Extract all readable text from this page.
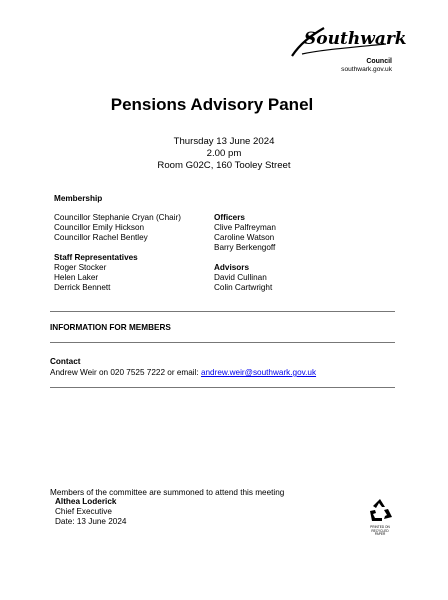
Southwark
Council
southwark.gov.uk
Pensions Advisory Panel
Thursday 13 June 2024
2.00 pm
Room G02C, 160 Tooley Street
Membership
Councillor Stephanie Cryan (Chair)
Councillor Emily Hickson
Councillor Rachel Bentley
Staff Representatives
Roger Stocker
Helen Laker
Derrick Bennett
Officers
Clive Palfreyman
Caroline Watson
Barry Berkengoff
Advisors
David Cullinan
Colin Cartwright
INFORMATION FOR MEMBERS
Contact
Andrew Weir on 020 7525 7222 or email: andrew.weir@southwark.gov.uk
Members of the committee are summoned to attend this meeting
Althea Loderick
Chief Executive
Date: 13 June 2024
PRINTED ON RECYCLED PAPER
